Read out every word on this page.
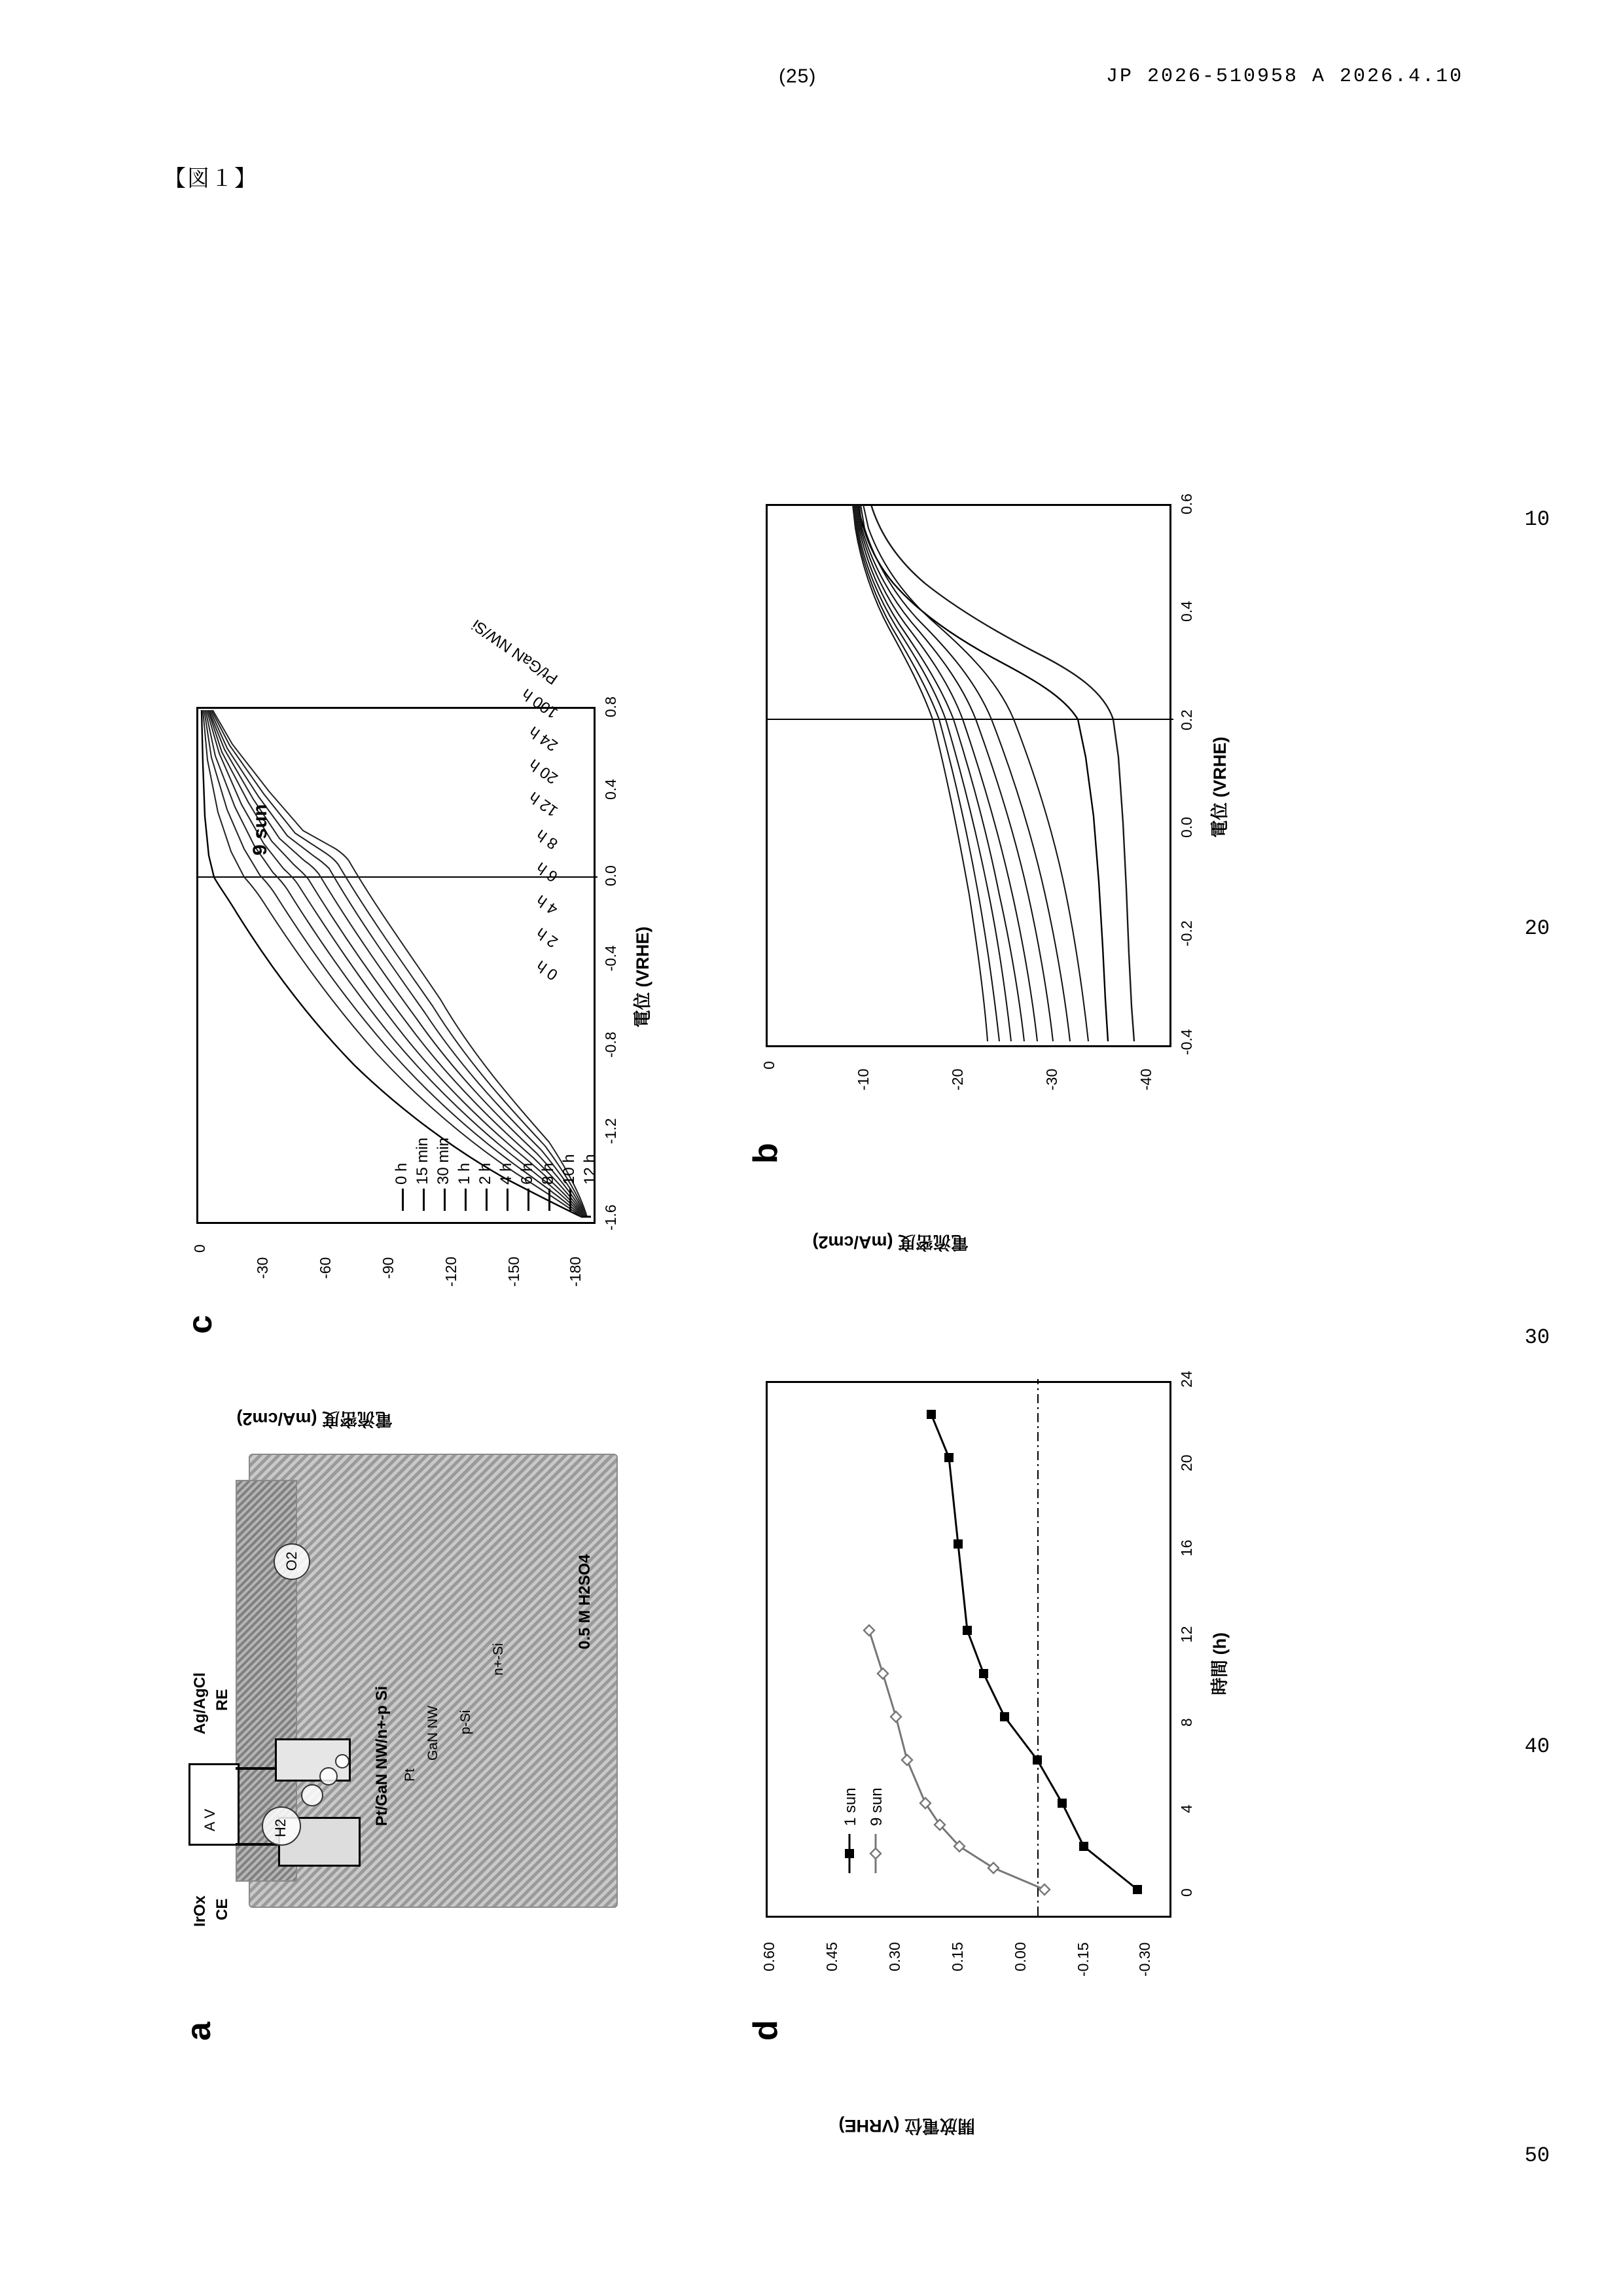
(25)	JP 2026-510958 A 2026.4.10
【図１】
10
20
30
40
50
a
A V
IrOx CE
Ag/AgCl RE
0.5 M H2SO4
Pt/GaN NW/n+-p Si	p-Si
n+-Si
GaN NW
Pt
H2
O2
c
9 sun
-1.6
-1.2
-0.8
-0.4
0.0
0.4
0.8
0
-30	-60	-90	-120	-150	-180
電位 (VRHE)
電流密度 (mA/cm2)
0 h 15 min 30 min 1 h 2 h 4 h 6 h 8 h 10 h 12 h
b
-0.4
-0.2
0.0
0.2
0.4
0.6
0
-10	-20	-30	-40
電位 (VRHE)
電流密度 (mA/cm2)
0 h
2 h
4 h
6 h
8 h
12 h
20 h
24 h
100 h
Pt/GaN NW/Si
d
0
4
8
12
16
20
24
0.60	0.45	0.30	0.15	0.00	-0.15	-0.30
時間 (h)
開放電位 (VRHE)
1 sun 9 sun
